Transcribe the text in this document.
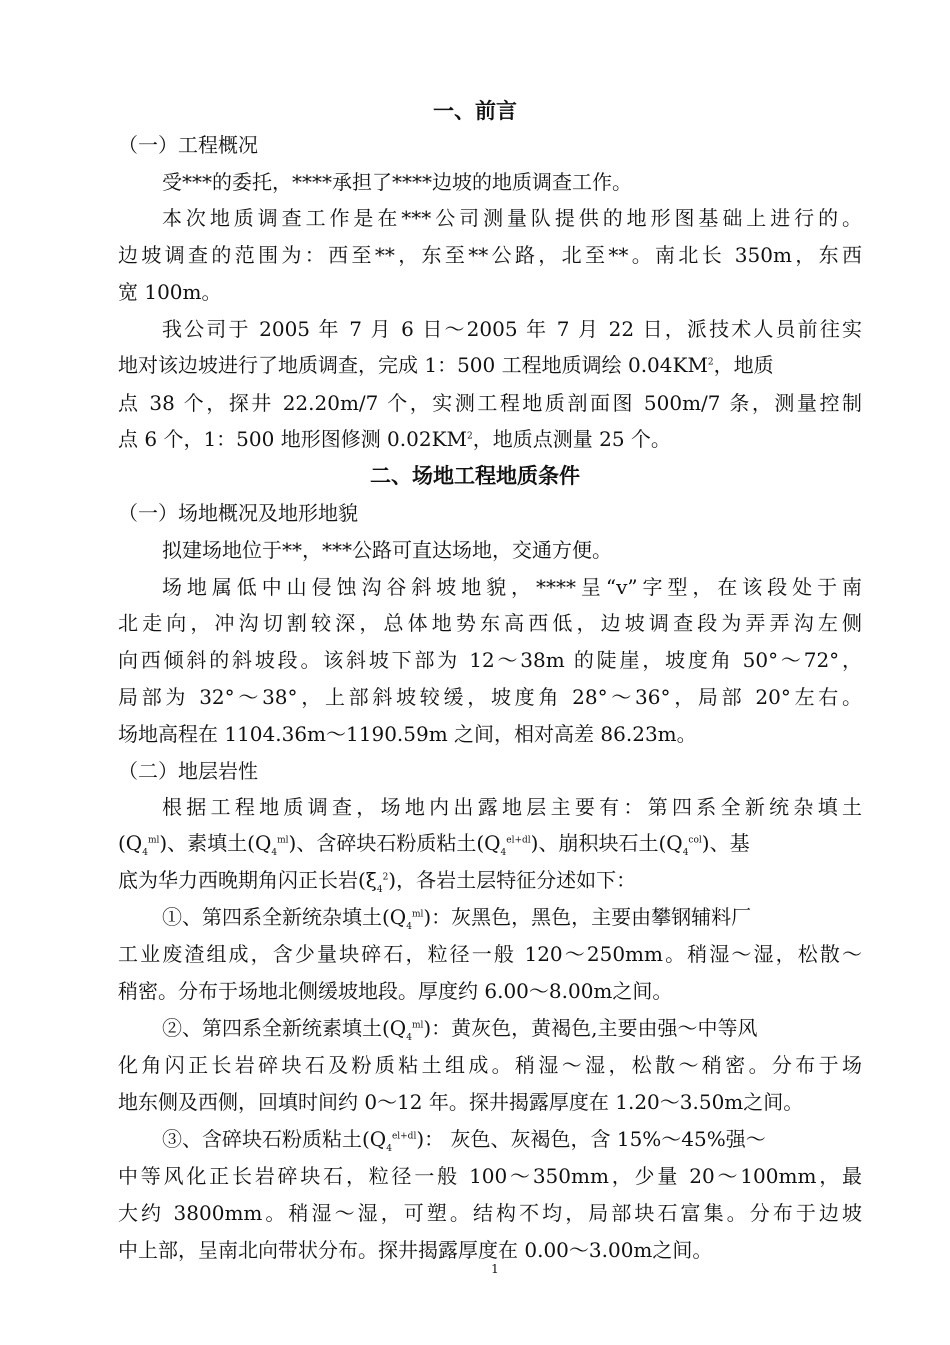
一、前言
（一）工程概况
受***的委托，****承担了****边坡的地质调查工作。
本次地质调查工作是在***公司测量队提供的地形图基础上进行的。
边坡调查的范围为：西至**，东至**公路，北至**。南北长 350m，东西
宽 100m。
我公司于 2005 年 7 月 6 日～2005 年 7 月 22 日，派技术人员前往实
地对该边坡进行了地质调查，完成 1：500 工程地质调绘 $0.04KM^2$，地质
点 38 个，探井 22.20m/7 个，实测工程地质剖面图 500m/7 条，测量控制
点 6 个，1：500 地形图修测 $0.02KM^2$，地质点测量 25 个。
二、场地工程地质条件
（一）场地概况及地形地貌
拟建场地位于**，***公路可直达场地，交通方便。
场地属低中山侵蚀沟谷斜坡地貌，****呈“v”字型，在该段处于南
北走向，冲沟切割较深，总体地势东高西低，边坡调查段为弄弄沟左侧
向西倾斜的斜坡段。该斜坡下部为 12～38m 的陡崖，坡度角 50°～72°，
局部为 32°～38°，上部斜坡较缓，坡度角 28°～36°，局部 20°左右。
场地高程在 1104.36m～1190.59m 之间，相对高差 86.23m。
（二）地层岩性
根据工程地质调查，场地内出露地层主要有：第四系全新统杂填土
$(Q_4^{ml})$、素填土$(Q_4^{ml})$、含碎块石粉质粘土$(Q_4^{el+dl})$、崩积块石土$(Q_4^{col})$、基
底为华力西晚期角闪正长岩$(\xi_4^2)$，各岩土层特征分述如下：
①、第四系全新统杂填土$(Q_4^{ml})$：灰黑色，黑色，主要由攀钢辅料厂
工业废渣组成，含少量块碎石，粒径一般 120～250mm。稍湿～湿，松散～
稍密。分布于场地北侧缓坡地段。厚度约 6.00～8.00m之间。
②、第四系全新统素填土$(Q_4^{ml})$：黄灰色，黄褐色,主要由强～中等风
化角闪正长岩碎块石及粉质粘土组成。稍湿～湿，松散～稍密。分布于场
地东侧及西侧，回填时间约 0～12 年。探井揭露厚度在 1.20～3.50m之间。
③、含碎块石粉质粘土$(Q_4^{el+dl})$： 灰色、灰褐色，含 15%～45%强～
中等风化正长岩碎块石，粒径一般 100～350mm，少量 20～100mm，最
大约 3800mm。稍湿～湿，可塑。结构不均，局部块石富集。分布于边坡
中上部，呈南北向带状分布。探井揭露厚度在 0.00～3.00m之间。
1
